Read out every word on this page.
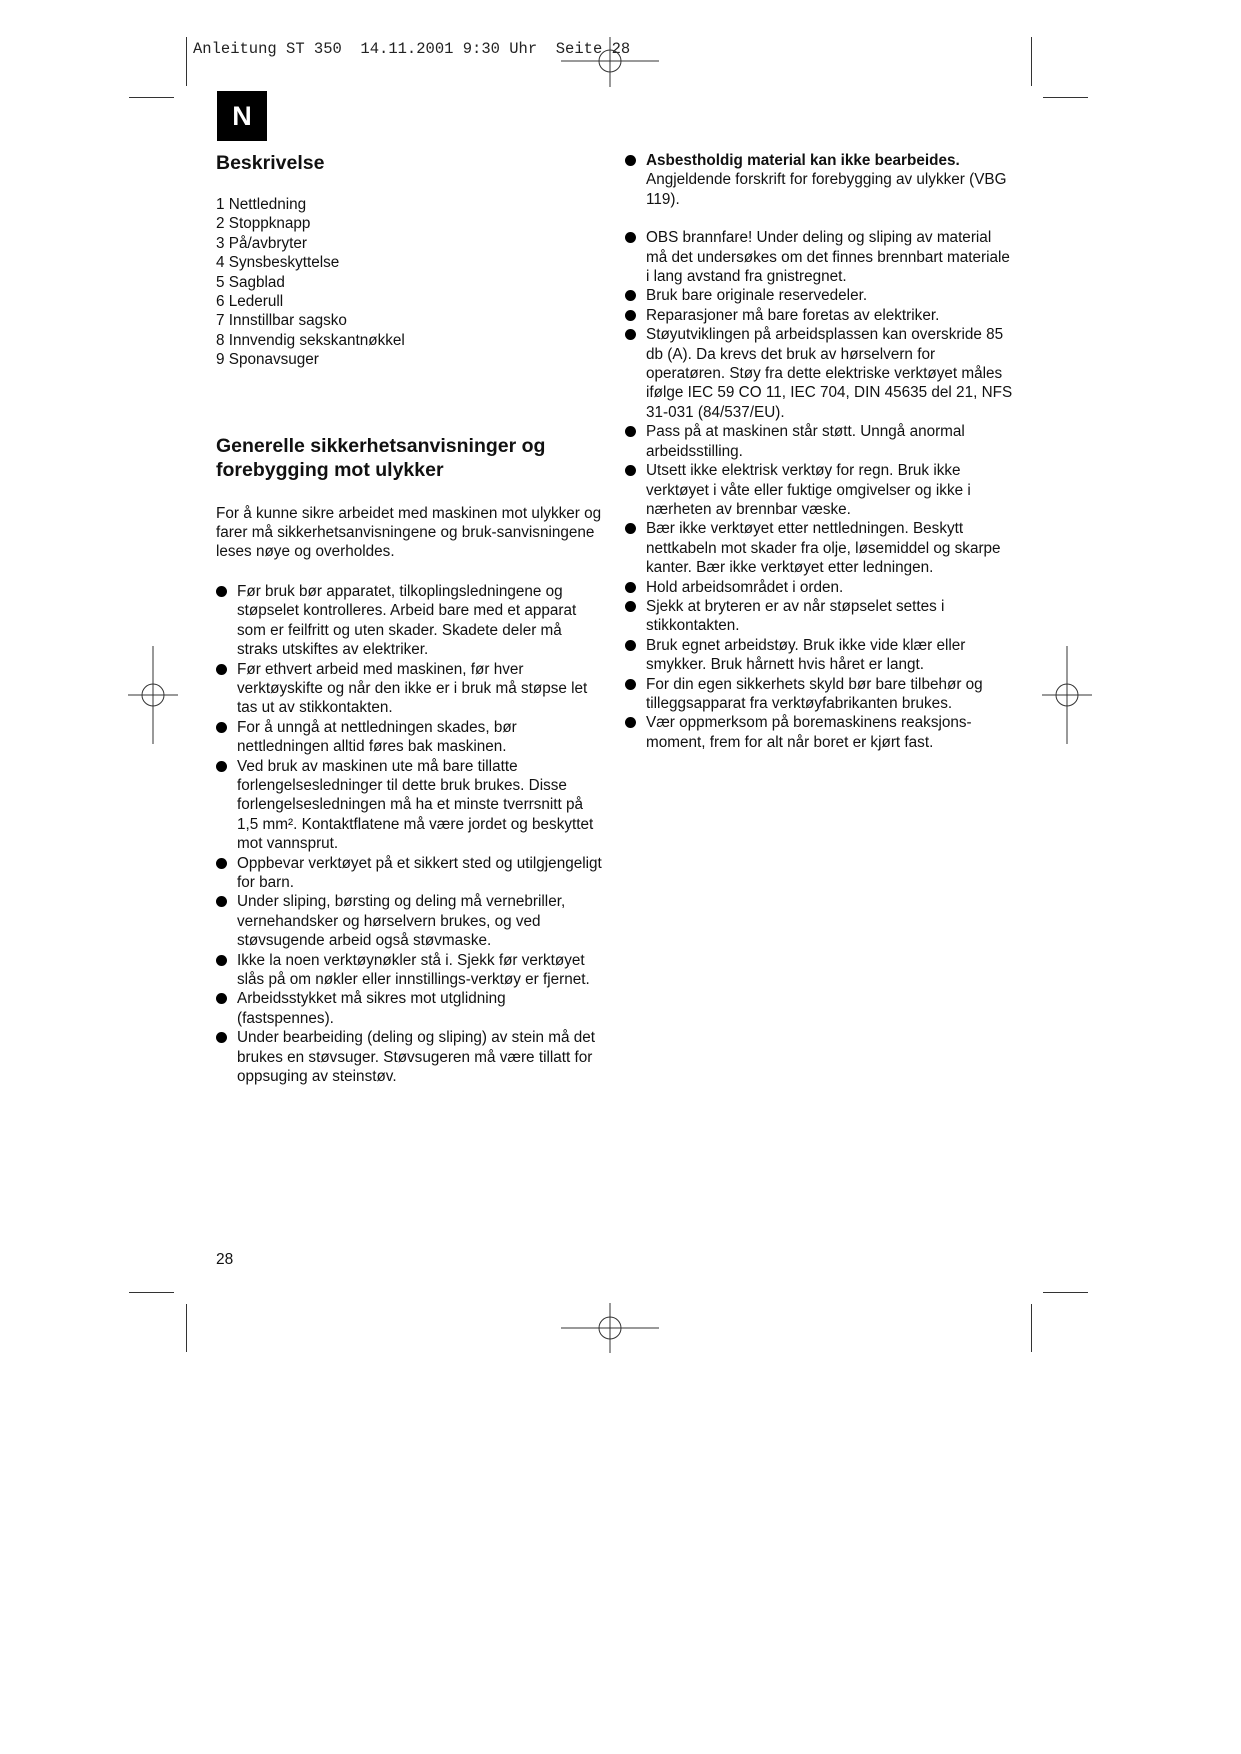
Anleitung ST 350  14.11.2001 9:30 Uhr  Seite 28
N
Beskrivelse
1 Nettledning
2 Stoppknapp
3 På/avbryter
4 Synsbeskyttelse
5 Sagblad
6 Lederull
7 Innstillbar sagsko
8 Innvendig sekskantnøkkel
9 Sponavsuger
Generelle sikkerhetsanvisninger og forebygging mot ulykker

For å kunne sikre arbeidet med maskinen mot ulykker og farer må sikkerhetsanvisningene og bruk-sanvisningene leses nøye og overholdes.

Før bruk bør apparatet, tilkoplingsledningene og støpselet kontrolleres. Arbeid bare med et apparat som er feilfritt og uten skader. Skadete deler må straks utskiftes av elektriker.
Før ethvert arbeid med maskinen, før hver verktøyskifte og når den ikke er i bruk må støpse let tas ut av stikkontakten.
For å unngå at nettledningen skades, bør nettledningen alltid føres bak maskinen.
Ved bruk av maskinen ute må bare tillatte forlengelsesledninger til dette bruk brukes. Disse forlengelsesledningen må ha et minste tverrsnitt på 1,5 mm². Kontaktflatene må være jordet og beskyttet mot vannsprut.
Oppbevar verktøyet på et sikkert sted og utilgjengeligt for barn.
Under sliping, børsting og deling må vernebriller, vernehandsker og hørselvern brukes, og ved støvsugende arbeid også støvmaske.
Ikke la noen verktøynøkler stå i. Sjekk før verktøyet slås på om nøkler eller innstillings-verktøy er fjernet.
Arbeidsstykket må sikres mot utglidning (fastspennes).
Under bearbeiding (deling og sliping) av stein må det brukes en støvsuger. Støvsugeren må være tillatt for oppsuging av steinstøv.
Asbestholdig material kan ikke bearbeides.
Angjeldende forskrift for forebygging av ulykker (VBG 119).
OBS brannfare! Under deling og sliping av material må det undersøkes om det finnes brennbart materiale i lang avstand fra gnistregnet.
Bruk bare originale reservedeler.
Reparasjoner må bare foretas av elektriker.
Støyutviklingen på arbeidsplassen kan overskride 85 db (A). Da krevs det bruk av hørselvern for operatøren. Støy fra dette elektriske verktøyet måles ifølge IEC 59 CO 11, IEC 704, DIN 45635 del 21, NFS 31-031 (84/537/EU).
Pass på at maskinen står støtt. Unngå anormal arbeidsstilling.
Utsett ikke elektrisk verktøy for regn. Bruk ikke verktøyet i våte eller fuktige omgivelser og ikke i nærheten av brennbar væske.
Bær ikke verktøyet etter nettledningen. Beskytt nettkabeln mot skader fra olje, løsemiddel og skarpe kanter. Bær ikke verktøyet etter ledningen.
Hold arbeidsområdet i orden.
Sjekk at bryteren er av når støpselet settes i stikkontakten.
Bruk egnet arbeidstøy. Bruk ikke vide klær eller smykker. Bruk hårnett hvis håret er langt.
For din egen sikkerhets skyld bør bare tilbehør og tilleggsapparat fra verktøyfabrikanten brukes.
Vær oppmerksom på boremaskinens reaksjons-moment, frem for alt når boret er kjørt fast.
28
